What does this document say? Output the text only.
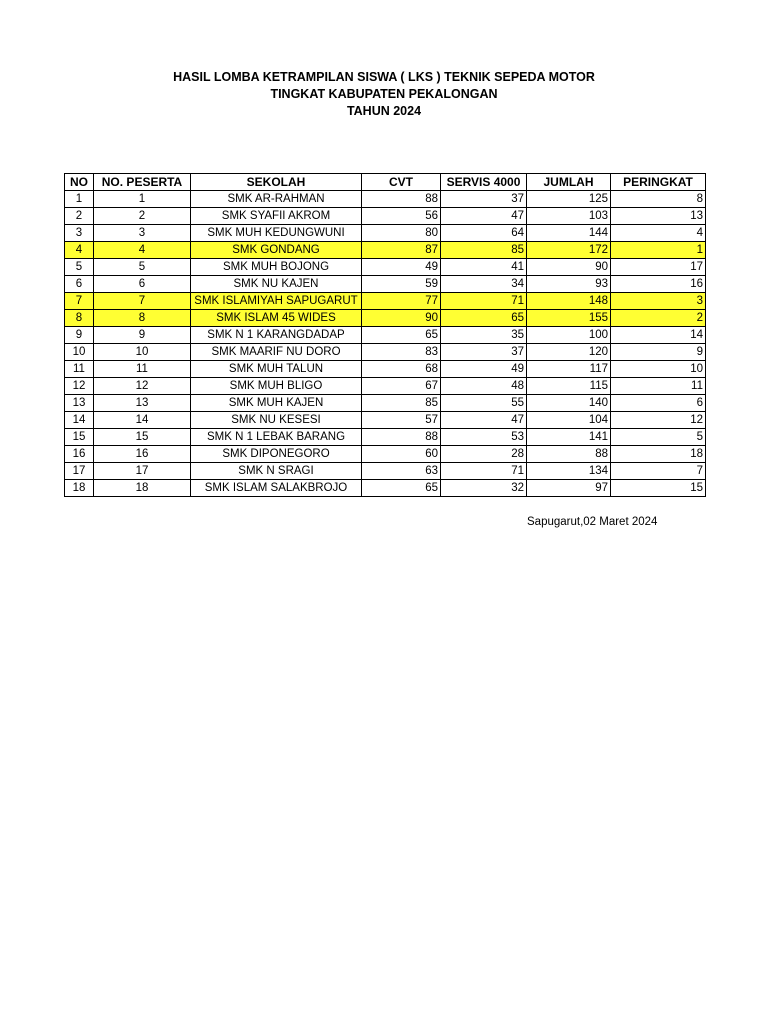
HASIL LOMBA KETRAMPILAN SISWA ( LKS ) TEKNIK SEPEDA MOTOR
TINGKAT KABUPATEN PEKALONGAN
TAHUN 2024
NO	NO. PESERTA	SEKOLAH	CVT	SERVIS 4000	JUMLAH	PERINGKAT
1	1	SMK AR-RAHMAN	88	37	125	8
2	2	SMK SYAFII AKROM	56	47	103	13
3	3	SMK MUH KEDUNGWUNI	80	64	144	4
4	4	SMK GONDANG	87	85	172	1
5	5	SMK MUH BOJONG	49	41	90	17
6	6	SMK NU KAJEN	59	34	93	16
7	7	SMK ISLAMIYAH SAPUGARUT	77	71	148	3
8	8	SMK ISLAM 45 WIDES	90	65	155	2
9	9	SMK N 1 KARANGDADAP	65	35	100	14
10	10	SMK MAARIF NU DORO	83	37	120	9
11	11	SMK MUH TALUN	68	49	117	10
12	12	SMK MUH BLIGO	67	48	115	11
13	13	SMK MUH KAJEN	85	55	140	6
14	14	SMK NU KESESI	57	47	104	12
15	15	SMK N 1 LEBAK BARANG	88	53	141	5
16	16	SMK DIPONEGORO	60	28	88	18
17	17	SMK N SRAGI	63	71	134	7
18	18	SMK ISLAM SALAKBROJO	65	32	97	15
Sapugarut,02 Maret 2024
